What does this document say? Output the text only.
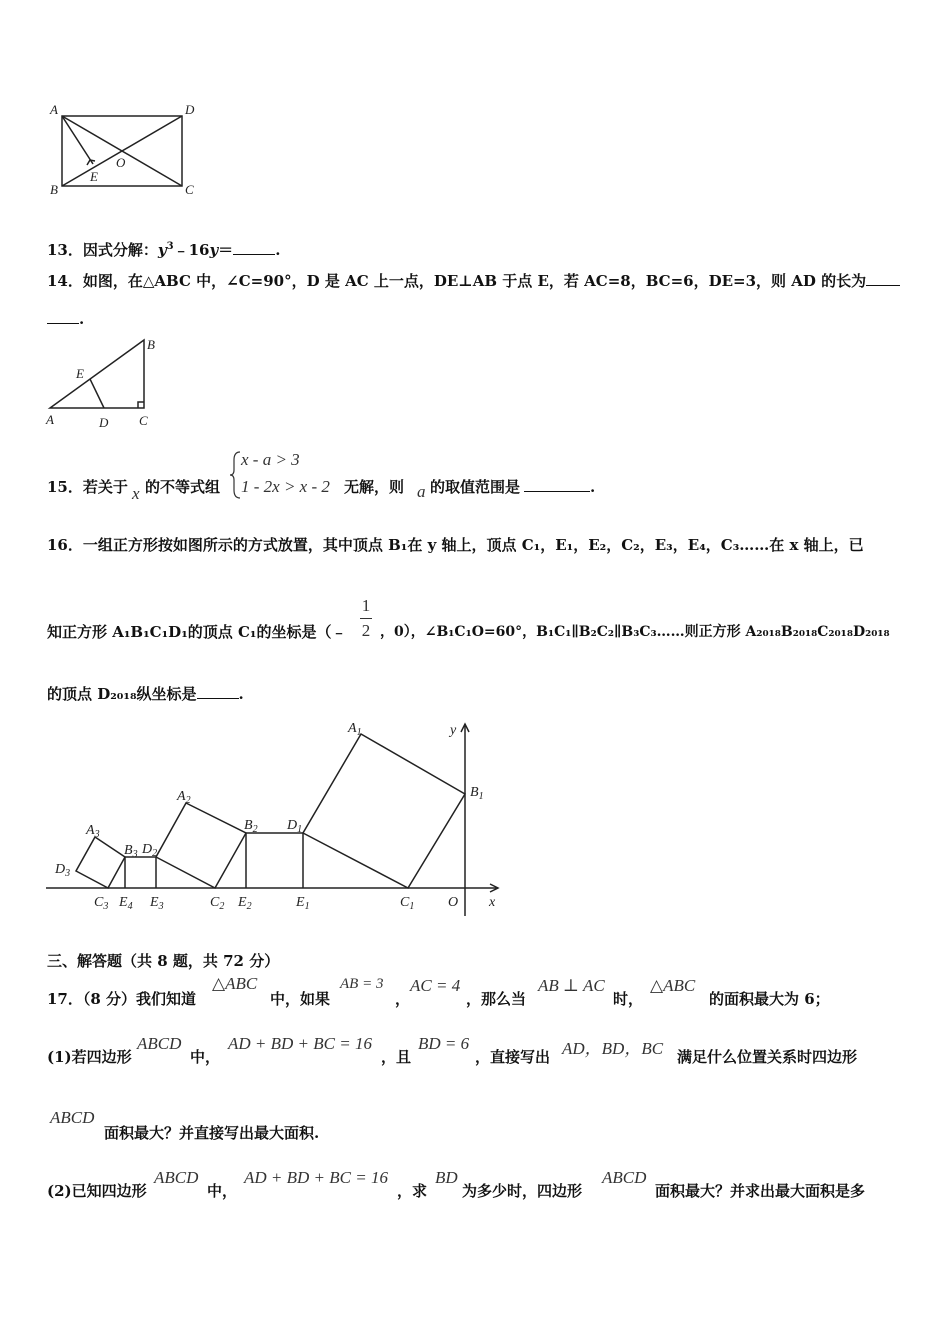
A	D
B	C
E
O
13．因式分解：$y^3﹣16y=$	.
14．如图，在△ABC 中，∠C=90°，D 是 AC 上一点，DE⊥AB 于点 E，若 AC=8，BC=6，DE=3，则 AD 的长为
.
A
B
C
D
E
15．若关于 x 的不等式组
x - a > 3
1 - 2x > x - 2 无解，则 a 的取值范围是	.
16．一组正方形按如图所示的方式放置，其中顶点 B₁在 y 轴上，顶点 C₁，E₁，E₂，C₂，E₃，E₄，C₃……在 x 轴上，已
知正方形 A₁B₁C₁D₁的顶点 C₁的坐标是（﹣
1
2 ，0），∠B₁C₁O=60°，B₁C₁∥B₂C₂∥B₃C₃……则正方形 A₂₀₁₈B₂₀₁₈C₂₀₁₈D₂₀₁₈
的顶点 D₂₀₁₈纵坐标是	.
$A_1$
$B_1$
$C_1$
$D_1$
$A_2$
$B_2$
$C_2$
$D_2$
$A_3$
$B_3$
$C_3$
$D_3$
$E_1$
$E_2$
$E_3$
$E_4$	O x
y
三、解答题（共 8 题，共 72 分）
17．（8 分）我们知道
△ABC
中，如果
AB = 3
，
AC = 4
，那么当
AB ⊥ AC
时，
△ABC
的面积最大为 6；
(1)若四边形
ABCD
中，
AD + BD + BC = 16
，且
BD = 6
，直接写出 AD，BD，BC 满足什么位置关系时四边形
ABCD
面积最大？并直接写出最大面积.
(2)已知四边形
ABCD
中，
AD + BD + BC = 16
，求
BD
为多少时，四边形
ABCD
面积最大？并求出最大面积是多
